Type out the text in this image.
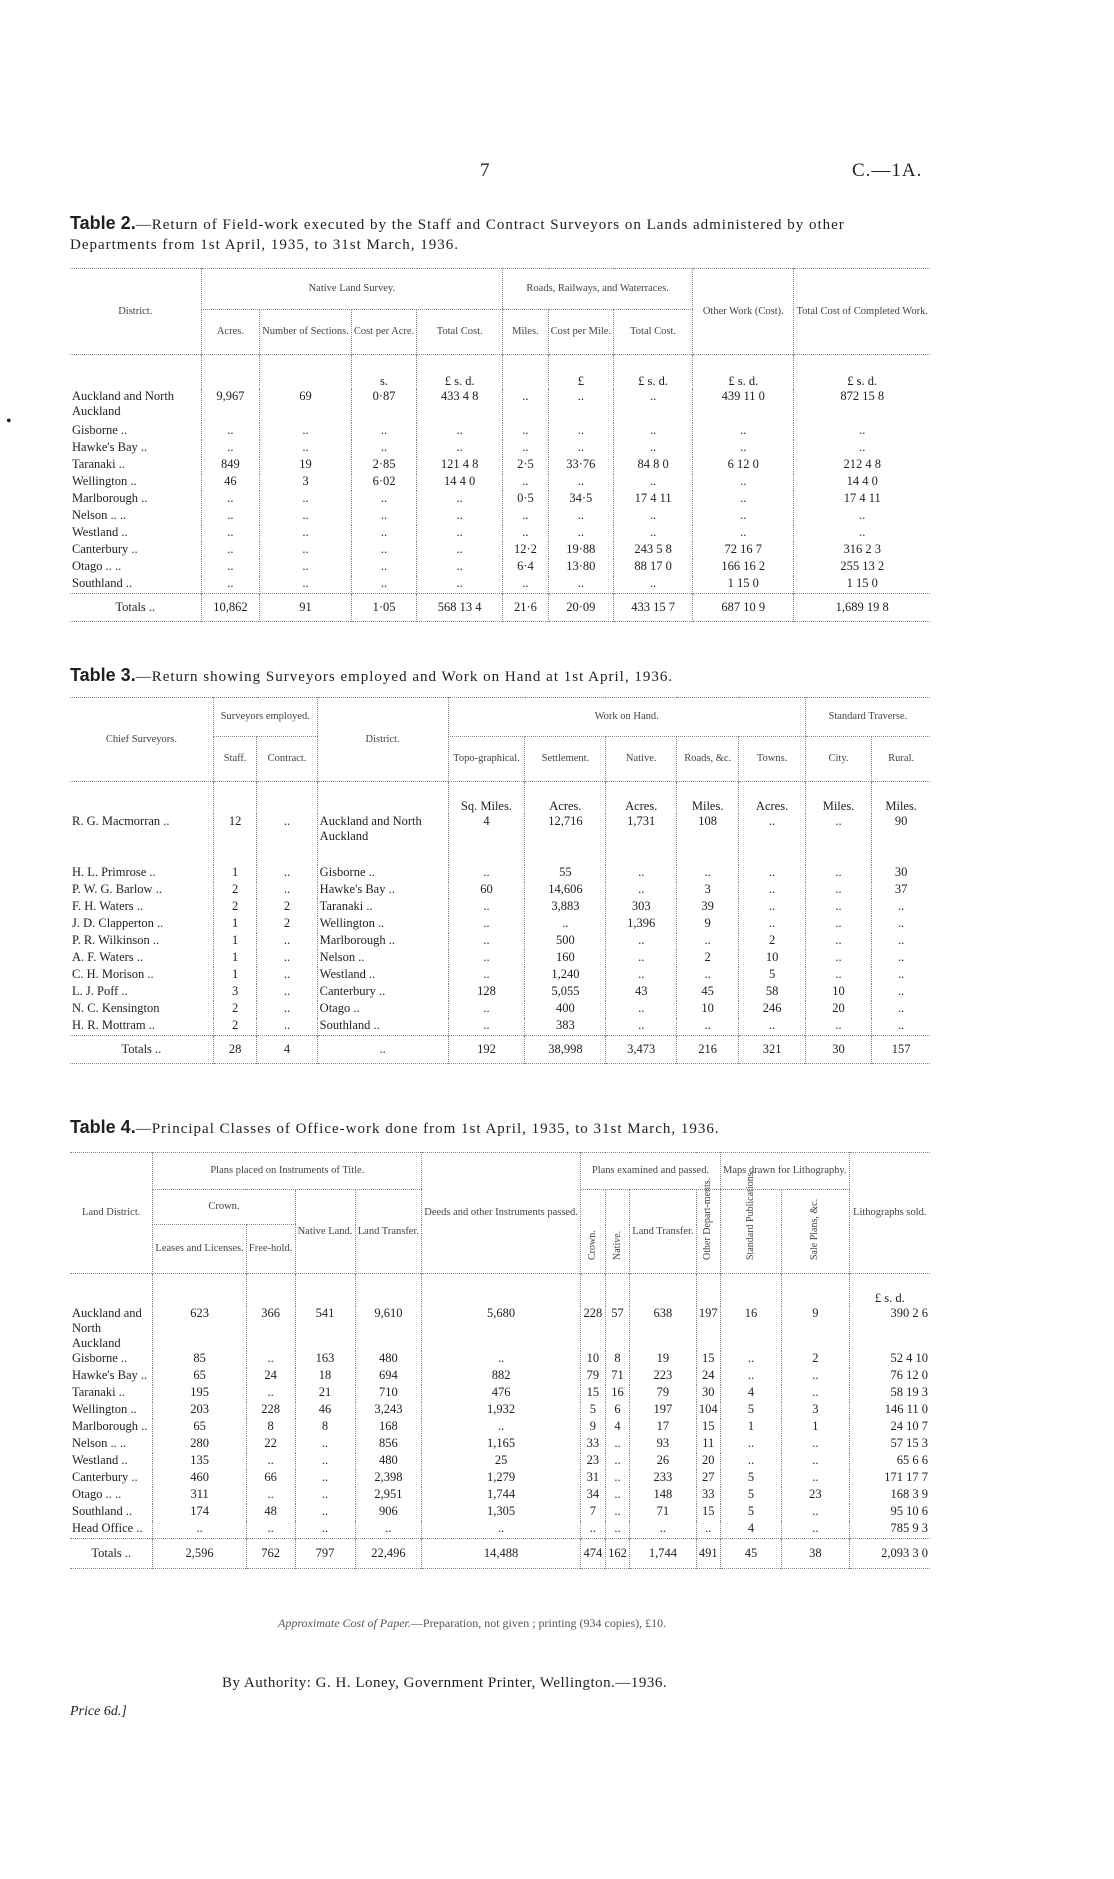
7	C.—1A.
•
Table 2.—Return of Field-work executed by the Staff and Contract Surveyors on Lands administered by other Departments from 1st April, 1935, to 31st March, 1936.
District.	Native Land Survey.				Roads, Railways, and Waterraces.			Other Work (Cost).	Total Cost of Completed Work.
	Acres.	Number of Sections.	Cost per Acre.	Total Cost.	Miles.	Cost per Mile.	Total Cost.		
			s.	£ s. d.		£	£ s. d.	£ s. d.	£ s. d.
Auckland and North Auckland	9,967	69	0·87	433 4 8	..	..	..	439 11 0	872 15 8
Gisborne ..	..	..	..	..	..	..	..	..	..
Hawke's Bay ..	..	..	..	..	..	..	..	..	..
Taranaki ..	849	19	2·85	121 4 8	2·5	33·76	84 8 0	6 12 0	212 4 8
Wellington ..	46	3	6·02	14 4 0	..	..	..	..	14 4 0
Marlborough ..	..	..	..	..	0·5	34·5	17 4 11	..	17 4 11
Nelson .. ..	..	..	..	..	..	..	..	..	..
Westland ..	..	..	..	..	..	..	..	..	..
Canterbury ..	..	..	..	..	12·2	19·88	243 5 8	72 16 7	316 2 3
Otago .. ..	..	..	..	..	6·4	13·80	88 17 0	166 16 2	255 13 2
Southland ..	..	..	..	..	..	..	..	1 15 0	1 15 0
Totals ..	10,862	91	1·05	568 13 4	21·6	20·09	433 15 7	687 10 9	1,689 19 8
Table 3.—Return showing Surveyors employed and Work on Hand at 1st April, 1936.
Chief Surveyors.	Surveyors employed.		District.	Work on Hand.					Standard Traverse.	
	Staff.	Contract.		Topo-graphical.	Settlement.	Native.	Roads, &c.	Towns.	City.	Rural.
				Sq. Miles.	Acres.	Acres.	Miles.	Acres.	Miles.	Miles.
R. G. Macmorran ..	12	..	Auckland and North Auckland	4	12,716	1,731	108	..	..	90
H. L. Primrose ..	1	..	Gisborne ..	..	55	..	..	..	..	30
P. W. G. Barlow ..	2	..	Hawke's Bay ..	60	14,606	..	3	..	..	37
F. H. Waters ..	2	2	Taranaki ..	..	3,883	303	39	..	..	..
J. D. Clapperton ..	1	2	Wellington ..	..	..	1,396	9	..	..	..
P. R. Wilkinson ..	1	..	Marlborough ..	..	500	..	..	2	..	..
A. F. Waters ..	1	..	Nelson ..	..	160	..	2	10	..	..
C. H. Morison ..	1	..	Westland ..	..	1,240	..	..	5	..	..
L. J. Poff ..	3	..	Canterbury ..	128	5,055	43	45	58	10	..
N. C. Kensington	2	..	Otago ..	..	400	..	10	246	20	..
H. R. Mottram ..	2	..	Southland ..	..	383	..	..	..	..	..
Totals ..	28	4	..	192	38,998	3,473	216	321	30	157
Table 4.—Principal Classes of Office-work done from 1st April, 1935, to 31st March, 1936.
Land District.	Plans placed on Instruments of Title.				Deeds and other Instruments passed.	Plans examined and passed.				Maps drawn for Lithography.		Lithographs sold.
	Crown.		Native Land.	Land Transfer.		Crown.	Native.	Land Transfer.	Other Depart-ments.	Standard Publications.	Sale Plans, &c.	
	Leases and Licenses.	Free-hold.										
												£ s. d.
Auckland and North Auckland	623	366	541	9,610	5,680	228	57	638	197	16	9	390 2 6
Gisborne ..	85	..	163	480	..	10	8	19	15	..	2	52 4 10
Hawke's Bay ..	65	24	18	694	882	79	71	223	24	..	..	76 12 0
Taranaki ..	195	..	21	710	476	15	16	79	30	4	..	58 19 3
Wellington ..	203	228	46	3,243	1,932	5	6	197	104	5	3	146 11 0
Marlborough ..	65	8	8	168	..	9	4	17	15	1	1	24 10 7
Nelson .. ..	280	22	..	856	1,165	33	..	93	11	..	..	57 15 3
Westland ..	135	..	..	480	25	23	..	26	20	..	..	65 6 6
Canterbury ..	460	66	..	2,398	1,279	31	..	233	27	5	..	171 17 7
Otago .. ..	311	..	..	2,951	1,744	34	..	148	33	5	23	168 3 9
Southland ..	174	48	..	906	1,305	7	..	71	15	5	..	95 10 6
Head Office ..	..	..	..	..	..	..	..	..	..	4	..	785 9 3
Totals ..	2,596	762	797	22,496	14,488	474	162	1,744	491	45	38	2,093 3 0
Approximate Cost of Paper.—Preparation, not given ; printing (934 copies), £10.
By Authority: G. H. Loney, Government Printer, Wellington.—1936.
Price 6d.]
